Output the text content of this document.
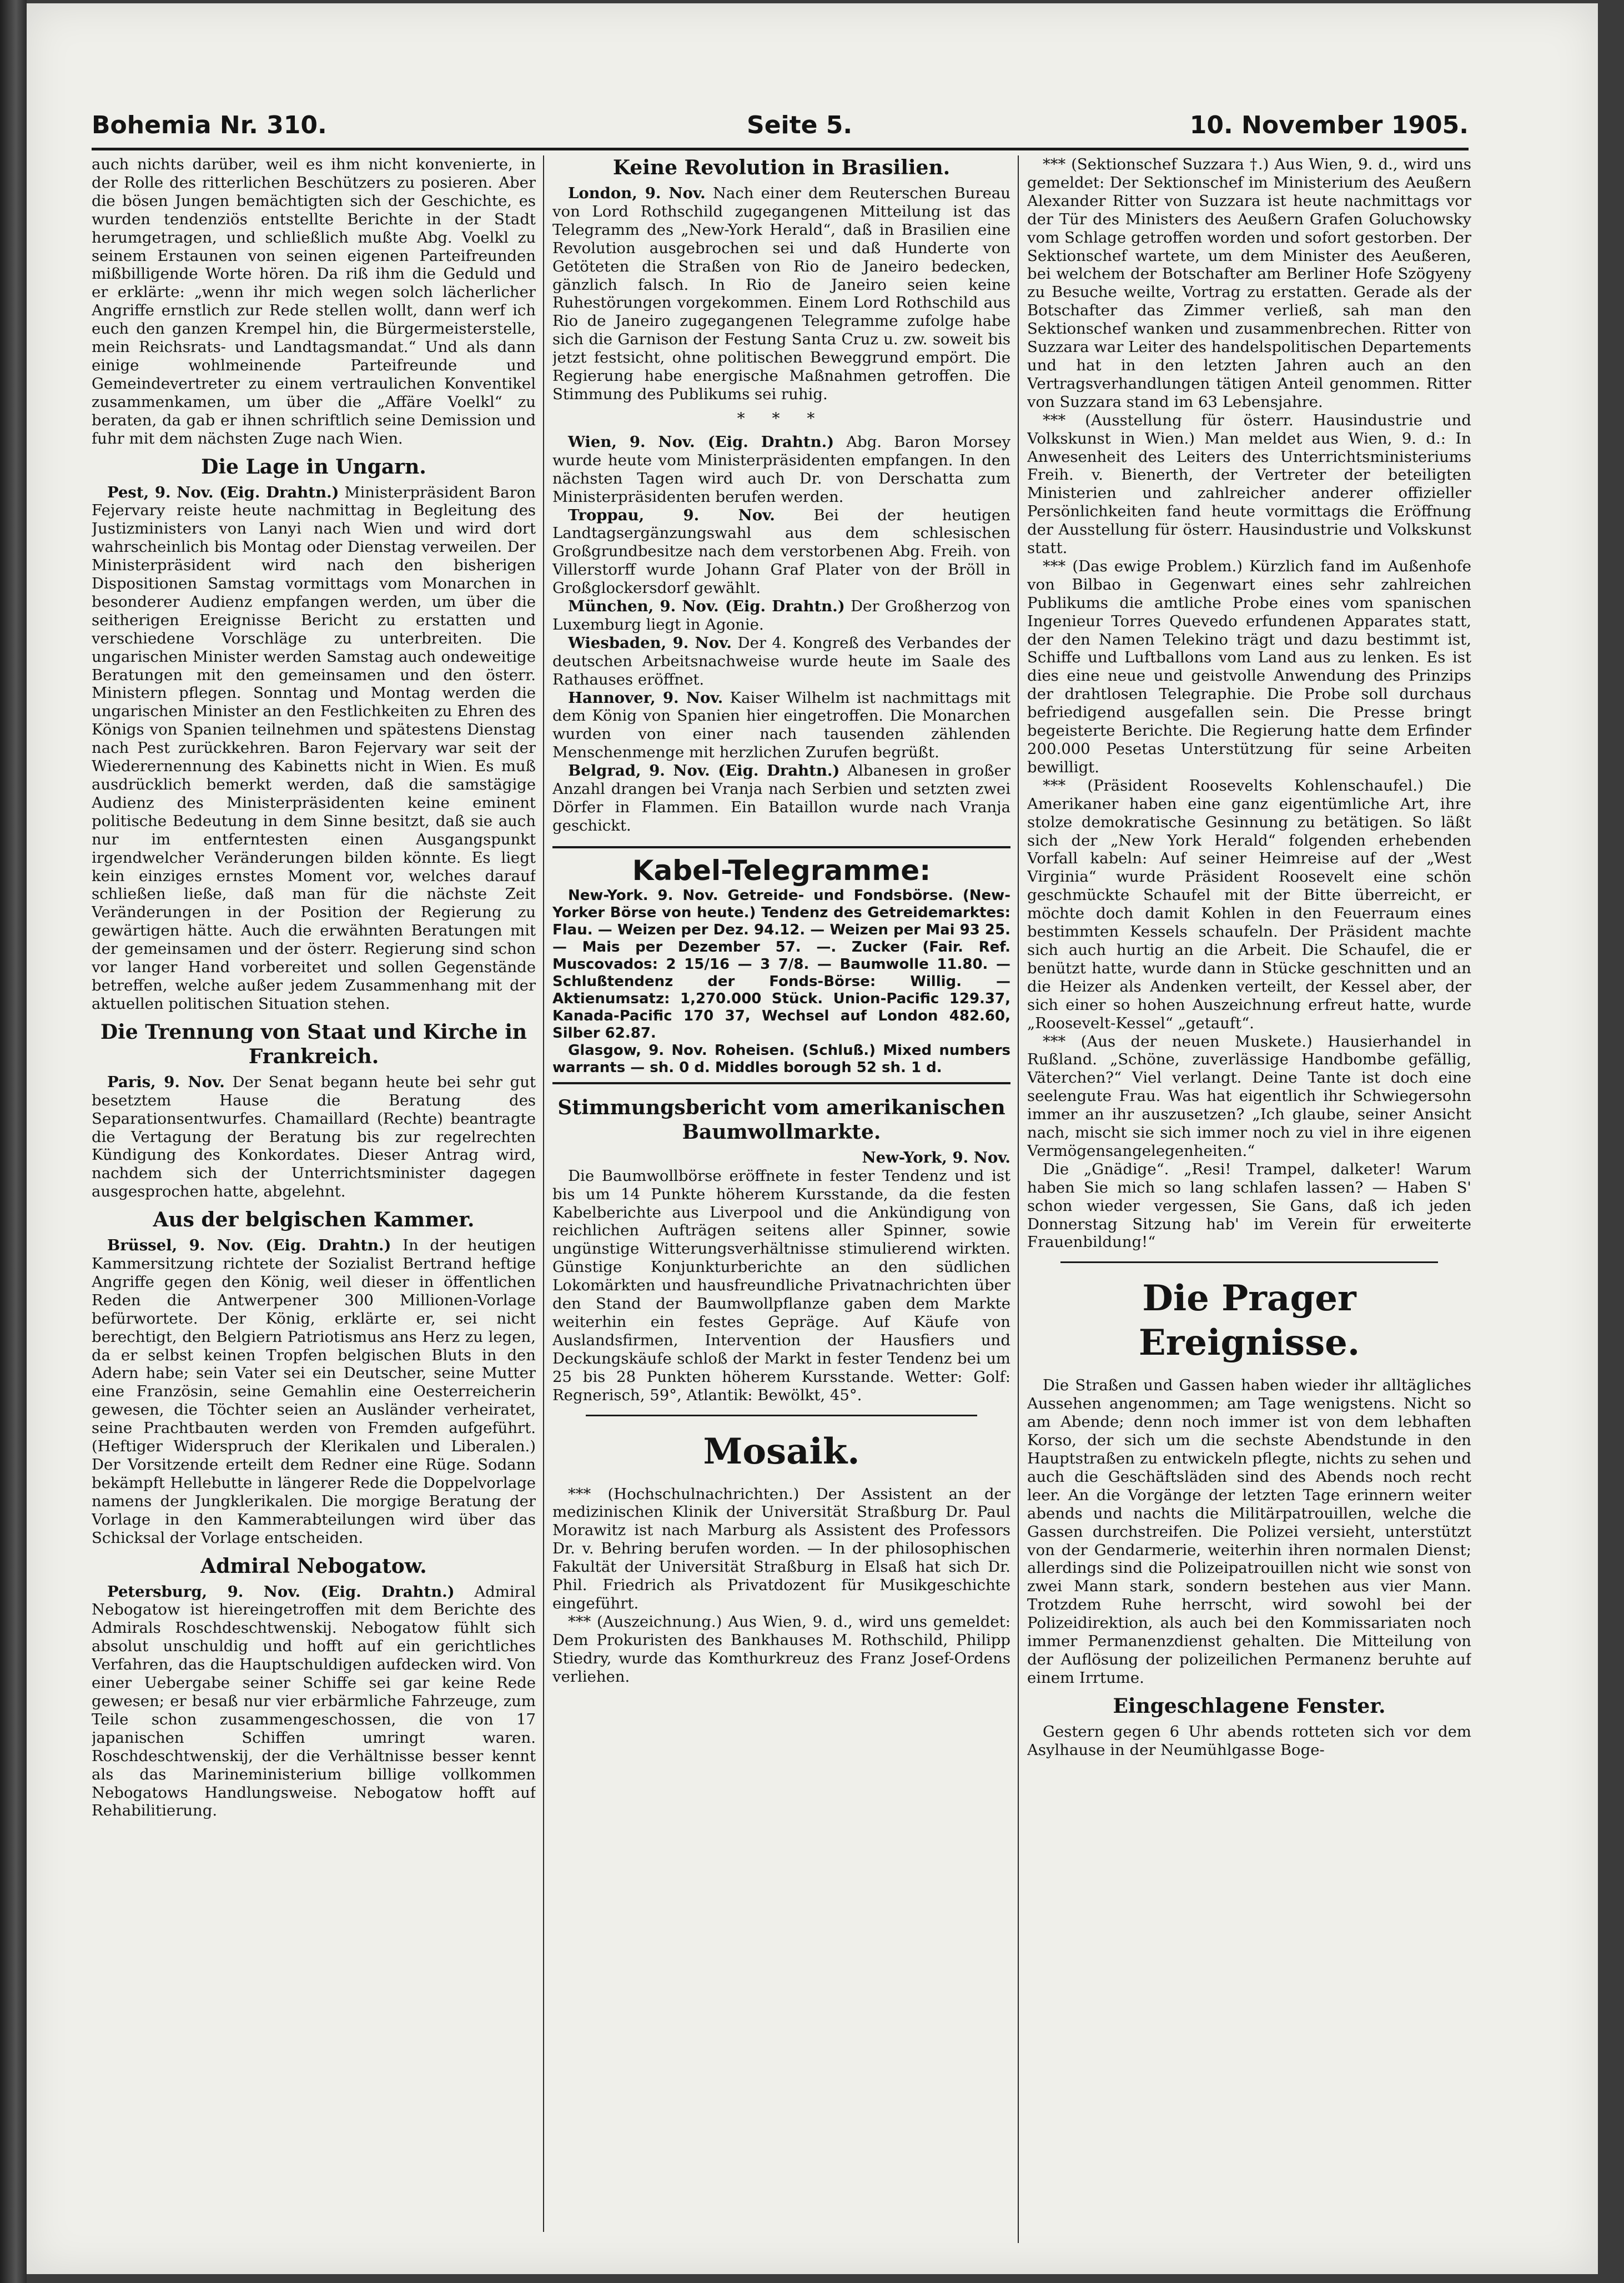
Bohemia Nr. 310.	Seite 5.	10. November 1905.

auch nichts darüber, weil es ihm nicht konvenierte, in der Rolle des ritterlichen Beschützers zu posieren. Aber die bösen Jungen bemächtigten sich der Geschichte, es wurden tendenziös entstellte Berichte in der Stadt herumgetragen, und schließlich mußte Abg. Voelkl zu seinem Erstaunen von seinen eigenen Parteifreunden mißbilligende Worte hören. Da riß ihm die Geduld und er erklärte: „wenn ihr mich wegen solch lächerlicher Angriffe ernstlich zur Rede stellen wollt, dann werf ich euch den ganzen Krempel hin, die Bürgermeisterstelle, mein Reichsrats- und Landtagsmandat.“ Und als dann einige wohlmeinende Parteifreunde und Gemeindevertreter zu einem vertraulichen Konventikel zusammenkamen, um über die „Affäre Voelkl“ zu beraten, da gab er ihnen schriftlich seine Demission und fuhr mit dem nächsten Zuge nach Wien.

Die Lage in Ungarn.

Pest, 9. Nov. (Eig. Drahtn.) Ministerpräsident Baron Fejervary reiste heute nachmittag in Begleitung des Justizministers von Lanyi nach Wien und wird dort wahrscheinlich bis Montag oder Dienstag verweilen. Der Ministerpräsident wird nach den bisherigen Dispositionen Samstag vormittags vom Monarchen in besonderer Audienz empfangen werden, um über die seitherigen Ereignisse Bericht zu erstatten und verschiedene Vorschläge zu unterbreiten. Die ungarischen Minister werden Samstag auch ondeweitige Beratungen mit den gemeinsamen und den österr. Ministern pflegen. Sonntag und Montag werden die ungarischen Minister an den Festlichkeiten zu Ehren des Königs von Spanien teilnehmen und spätestens Dienstag nach Pest zurückkehren. Baron Fejervary war seit der Wiederernennung des Kabinetts nicht in Wien. Es muß ausdrücklich bemerkt werden, daß die samstägige Audienz des Ministerpräsidenten keine eminent politische Bedeutung in dem Sinne besitzt, daß sie auch nur im entferntesten einen Ausgangspunkt irgendwelcher Veränderungen bilden könnte. Es liegt kein einziges ernstes Moment vor, welches darauf schließen ließe, daß man für die nächste Zeit Veränderungen in der Position der Regierung zu gewärtigen hätte. Auch die erwähnten Beratungen mit der gemeinsamen und der österr. Regierung sind schon vor langer Hand vorbereitet und sollen Gegenstände betreffen, welche außer jedem Zusammenhang mit der aktuellen politischen Situation stehen.

Die Trennung von Staat und Kirche in Frankreich.

Paris, 9. Nov. Der Senat begann heute bei sehr gut besetztem Hause die Beratung des Separationsentwurfes. Chamaillard (Rechte) beantragte die Vertagung der Beratung bis zur regelrechten Kündigung des Konkordates. Dieser Antrag wird, nachdem sich der Unterrichtsminister dagegen ausgesprochen hatte, abgelehnt.

Aus der belgischen Kammer.

Brüssel, 9. Nov. (Eig. Drahtn.) In der heutigen Kammersitzung richtete der Sozialist Bertrand heftige Angriffe gegen den König, weil dieser in öffentlichen Reden die Antwerpener 300 Millionen-Vorlage befürwortete. Der König, erklärte er, sei nicht berechtigt, den Belgiern Patriotismus ans Herz zu legen, da er selbst keinen Tropfen belgischen Bluts in den Adern habe; sein Vater sei ein Deutscher, seine Mutter eine Französin, seine Gemahlin eine Oesterreicherin gewesen, die Töchter seien an Ausländer verheiratet, seine Prachtbauten werden von Fremden aufgeführt. (Heftiger Widerspruch der Klerikalen und Liberalen.) Der Vorsitzende erteilt dem Redner eine Rüge. Sodann bekämpft Hellebutte in längerer Rede die Doppelvorlage namens der Jungklerikalen. Die morgige Beratung der Vorlage in den Kammerabteilungen wird über das Schicksal der Vorlage entscheiden.

Admiral Nebogatow.

Petersburg, 9. Nov. (Eig. Drahtn.) Admiral Nebogatow ist hiereingetroffen mit dem Berichte des Admirals Roschdeschtwenskij. Nebogatow fühlt sich absolut unschuldig und hofft auf ein gerichtliches Verfahren, das die Hauptschuldigen aufdecken wird. Von einer Uebergabe seiner Schiffe sei gar keine Rede gewesen; er besaß nur vier erbärmliche Fahrzeuge, zum Teile schon zusammengeschossen, die von 17 japanischen Schiffen umringt waren. Roschdeschtwenskij, der die Verhältnisse besser kennt als das Marineministerium billige vollkommen Nebogatows Handlungsweise. Nebogatow hofft auf Rehabilitierung.

Keine Revolution in Brasilien.

London, 9. Nov. Nach einer dem Reuterschen Bureau von Lord Rothschild zugegangenen Mitteilung ist das Telegramm des „New-York Herald“, daß in Brasilien eine Revolution ausgebrochen sei und daß Hunderte von Getöteten die Straßen von Rio de Janeiro bedecken, gänzlich falsch. In Rio de Janeiro seien keine Ruhestörungen vorgekommen. Einem Lord Rothschild aus Rio de Janeiro zugegangenen Telegramme zufolge habe sich die Garnison der Festung Santa Cruz u. zw. soweit bis jetzt festsicht, ohne politischen Beweggrund empört. Die Regierung habe energische Maßnahmen getroffen. Die Stimmung des Publikums sei ruhig.

* * *

Wien, 9. Nov. (Eig. Drahtn.) Abg. Baron Morsey wurde heute vom Ministerpräsidenten empfangen. In den nächsten Tagen wird auch Dr. von Derschatta zum Ministerpräsidenten berufen werden.

Troppau, 9. Nov.	Bei der heutigen Landtagsergänzungswahl aus dem schlesischen Großgrundbesitze nach dem verstorbenen Abg. Freih. von Villerstorff wurde Johann Graf Plater von der Bröll in Großglockersdorf gewählt.

München, 9. Nov. (Eig. Drahtn.) Der Großherzog von Luxemburg liegt in Agonie.

Wiesbaden, 9. Nov. Der 4. Kongreß des Verbandes der deutschen Arbeitsnachweise wurde heute im Saale des Rathauses eröffnet.

Hannover, 9. Nov. Kaiser Wilhelm ist nachmittags mit dem König von Spanien hier eingetroffen. Die Monarchen wurden von einer nach tausenden zählenden Menschenmenge mit herzlichen Zurufen begrüßt.

Belgrad, 9. Nov. (Eig. Drahtn.) Albanesen in großer Anzahl drangen bei Vranja nach Serbien und setzten zwei Dörfer in Flammen. Ein Bataillon wurde nach Vranja geschickt.

Kabel-Telegramme:

New-York. 9. Nov. Getreide- und Fondsbörse. (New-Yorker Börse von heute.) Tendenz des Getreidemarktes: Flau. — Weizen per Dez. 94.12. — Weizen per Mai 93 25. — Mais per Dezember 57. —. Zucker (Fair. Ref. Muscovados: 2 15/16 — 3 7/8. — Baumwolle 11.80. — Schlußtendenz der Fonds-Börse: Willig. — Aktienumsatz: 1,270.000 Stück. Union-Pacific 129.37, Kanada-Pacific 170 37, Wechsel auf London 482.60, Silber 62.87.

Glasgow, 9. Nov. Roheisen. (Schluß.) Mixed numbers warrants — sh. 0 d. Middles borough 52 sh. 1 d.

Stimmungsbericht vom amerikanischen Baumwollmarkte.

New-York, 9. Nov.

Die Baumwollbörse eröffnete in fester Tendenz und ist bis um 14 Punkte höherem Kursstande, da die festen Kabelberichte aus Liverpool und die Ankündigung von reichlichen Aufträgen seitens aller Spinner, sowie ungünstige Witterungsverhältnisse stimulierend wirkten. Günstige Konjunkturberichte an den südlichen Lokomärkten und hausfreundliche Privatnachrichten über den Stand der Baumwollpflanze gaben dem Markte weiterhin ein festes Gepräge. Auf Käufe von Auslandsfirmen, Intervention der Hausfiers und Deckungskäufe schloß der Markt in fester Tendenz bei um 25 bis 28 Punkten höherem Kursstande. Wetter: Golf: Regnerisch, 59°, Atlantik: Bewölkt, 45°.

Mosaik.

*** (Hochschulnachrichten.) Der Assistent an der medizinischen Klinik der Universität Straßburg Dr. Paul Morawitz ist nach Marburg als Assistent des Professors Dr. v. Behring berufen worden. — In der philosophischen Fakultät der Universität Straßburg in Elsaß hat sich Dr. Phil. Friedrich als Privatdozent für Musikgeschichte eingeführt.

*** (Auszeichnung.) Aus Wien, 9. d., wird uns gemeldet: Dem Prokuristen des Bankhauses M. Rothschild, Philipp Stiedry, wurde das Komthurkreuz des Franz Josef-Ordens verliehen.

*** (Sektionschef Suzzara †.) Aus Wien, 9. d., wird uns gemeldet: Der Sektionschef im Ministerium des Aeußern Alexander Ritter von Suzzara ist heute nachmittags vor der Tür des Ministers des Aeußern Grafen Goluchowsky vom Schlage getroffen worden und sofort gestorben. Der Sektionschef wartete, um dem Minister des Aeußeren, bei welchem der Botschafter am Berliner Hofe Szögyeny zu Besuche weilte, Vortrag zu erstatten. Gerade als der Botschafter das Zimmer verließ, sah man den Sektionschef wanken und zusammenbrechen. Ritter von Suzzara war Leiter des handelspolitischen Departements und hat in den letzten Jahren auch an den Vertragsverhandlungen tätigen Anteil genommen. Ritter von Suzzara stand im 63 Lebensjahre.

*** (Ausstellung für österr. Hausindustrie und Volkskunst in Wien.) Man meldet aus Wien, 9. d.: In Anwesenheit des Leiters des Unterrichtsministeriums Freih. v. Bienerth, der Vertreter der beteiligten Ministerien und zahlreicher anderer offizieller Persönlichkeiten fand heute vormittags die Eröffnung der Ausstellung für österr. Hausindustrie und Volkskunst statt.

*** (Das ewige Problem.) Kürzlich fand im Außenhofe von Bilbao in Gegenwart eines sehr zahlreichen Publikums die amtliche Probe eines vom spanischen Ingenieur Torres Quevedo erfundenen Apparates statt, der den Namen Telekino trägt und dazu bestimmt ist, Schiffe und Luftballons vom Land aus zu lenken. Es ist dies eine neue und geistvolle Anwendung des Prinzips der drahtlosen Telegraphie. Die Probe soll durchaus befriedigend ausgefallen sein. Die Presse bringt begeisterte Berichte. Die Regierung hatte dem Erfinder 200.000 Pesetas Unterstützung für seine Arbeiten bewilligt.

*** (Präsident Roosevelts Kohlenschaufel.) Die Amerikaner haben eine ganz eigentümliche Art, ihre stolze demokratische Gesinnung zu betätigen. So läßt sich der „New York Herald“ folgenden erhebenden Vorfall kabeln: Auf seiner Heimreise auf der „West Virginia“ wurde Präsident Roosevelt eine schön geschmückte Schaufel mit der Bitte überreicht, er möchte doch damit Kohlen in den Feuerraum eines bestimmten Kessels schaufeln. Der Präsident machte sich auch hurtig an die Arbeit. Die Schaufel, die er benützt hatte, wurde dann in Stücke geschnitten und an die Heizer als Andenken verteilt, der Kessel aber, der sich einer so hohen Auszeichnung erfreut hatte, wurde „Roosevelt-Kessel“ „getauft“.

*** (Aus der neuen Muskete.) Hausierhandel in Rußland. „Schöne, zuverlässige Handbombe gefällig, Väterchen?“ Viel verlangt. Deine Tante ist doch eine seelengute Frau. Was hat eigentlich ihr Schwiegersohn immer an ihr auszusetzen? „Ich glaube, seiner Ansicht nach, mischt sie sich immer noch zu viel in ihre eigenen Vermögensangelegenheiten.“

Die „Gnädige“. „Resi! Trampel, dalketer! Warum haben Sie mich so lang schlafen lassen? — Haben S' schon wieder vergessen, Sie Gans, daß ich jeden Donnerstag Sitzung hab' im Verein für erweiterte Frauenbildung!“

Die Prager Ereignisse.

Die Straßen und Gassen haben wieder ihr alltägliches Aussehen angenommen; am Tage wenigstens. Nicht so am Abende; denn noch immer ist von dem lebhaften Korso, der sich um die sechste Abendstunde in den Hauptstraßen zu entwickeln pflegte, nichts zu sehen und auch die Geschäftsläden sind des Abends noch recht leer. An die Vorgänge der letzten Tage erinnern weiter abends und nachts die Militärpatrouillen, welche die Gassen durchstreifen. Die Polizei versieht, unterstützt von der Gendarmerie, weiterhin ihren normalen Dienst; allerdings sind die Polizeipatrouillen nicht wie sonst von zwei Mann stark, sondern bestehen aus vier Mann. Trotzdem Ruhe herrscht, wird sowohl bei der Polizeidirektion, als auch bei den Kommissariaten noch immer Permanenzdienst gehalten. Die Mitteilung von der Auflösung der polizeilichen Permanenz beruhte auf einem Irrtume.

Eingeschlagene Fenster.

Gestern gegen 6 Uhr abends rotteten sich vor dem Asylhause in der Neumühlgasse Boge-
